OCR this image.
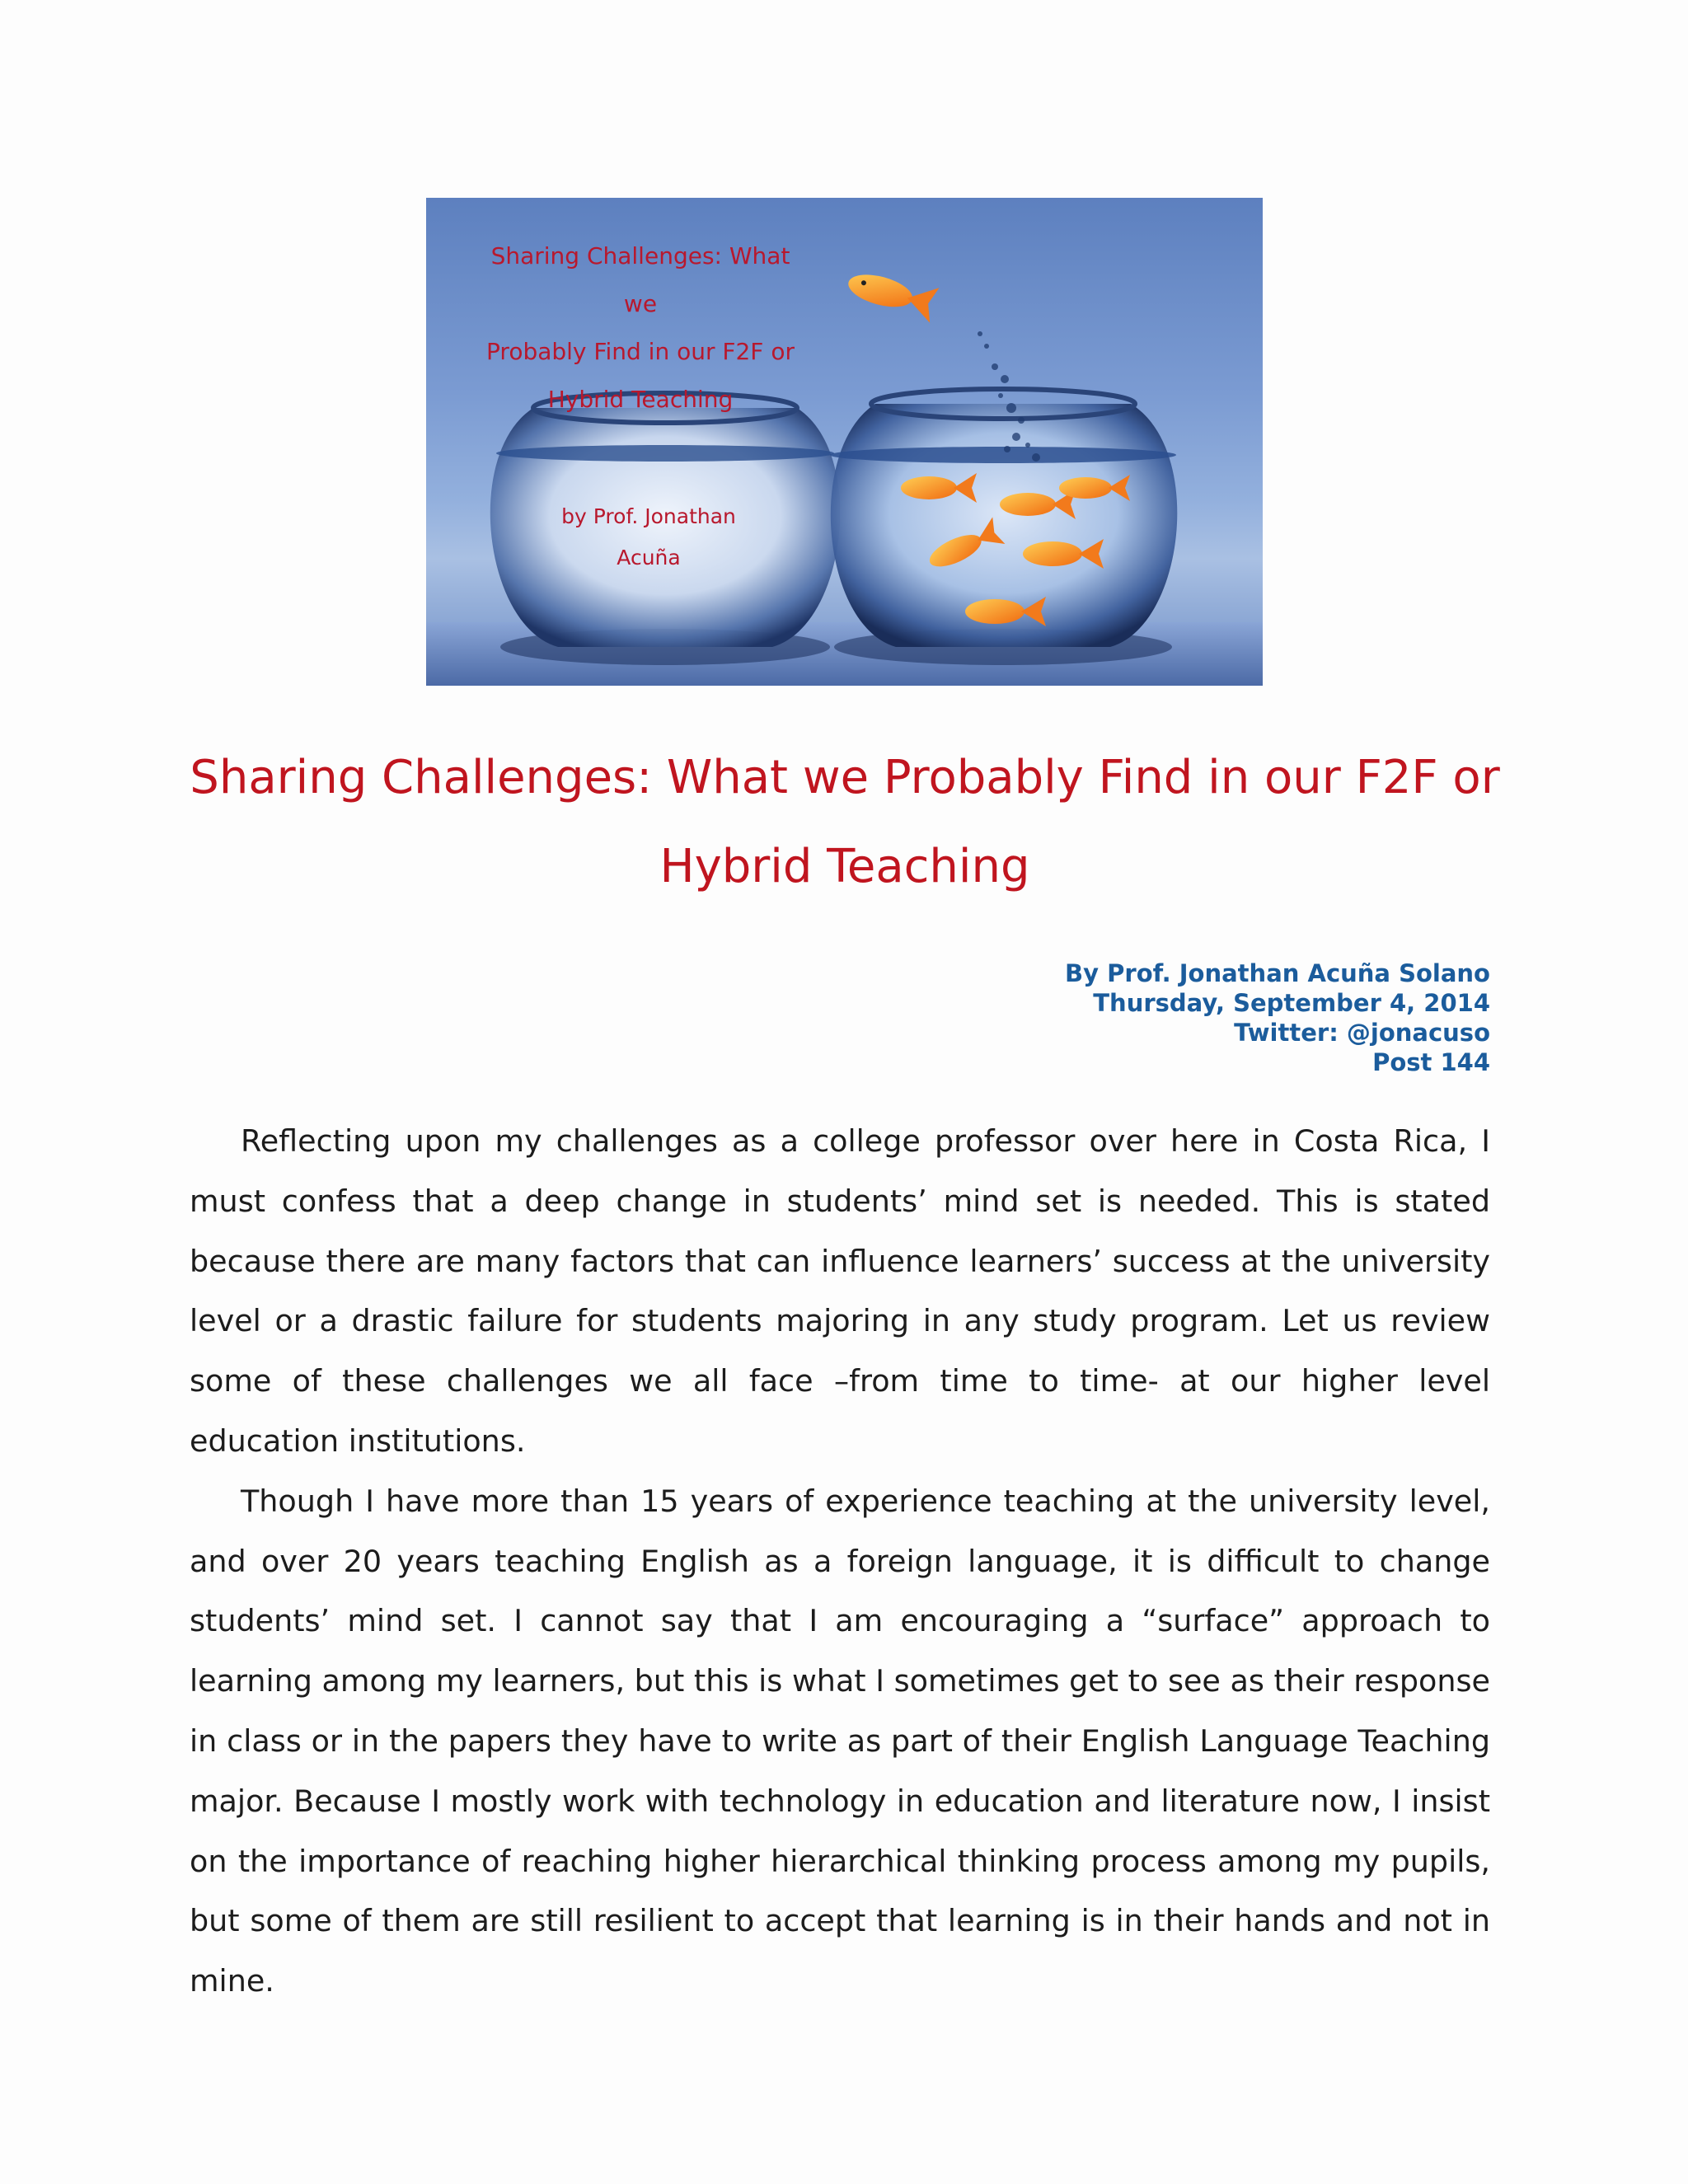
Sharing Challenges: What we
Probably Find in our F2F or
Hybrid Teaching
by Prof. Jonathan
Acuña
Sharing Challenges: What we Probably Find in our F2F or
Hybrid Teaching
By Prof. Jonathan Acuña Solano
Thursday, September 4, 2014
Twitter: @jonacuso
Post 144

Reflecting upon my challenges as a college professor over here in Costa Rica, I must confess that a deep change in students’ mind set is needed. This is stated because there are many factors that can influence learners’ success at the university level or a drastic failure for students majoring in any study program. Let us review some of these challenges we all face –from time to time- at our higher level education institutions.

Though I have more than 15 years of experience teaching at the university level, and over 20 years teaching English as a foreign language, it is difficult to change students’ mind set. I cannot say that I am encouraging a “surface” approach to learning among my learners, but this is what I sometimes get to see as their response in class or in the papers they have to write as part of their English Language Teaching major. Because I mostly work with technology in education and literature now, I insist on the importance of reaching higher hierarchical thinking process among my pupils, but some of them are still resilient to accept that learning is in their hands and not in mine.
